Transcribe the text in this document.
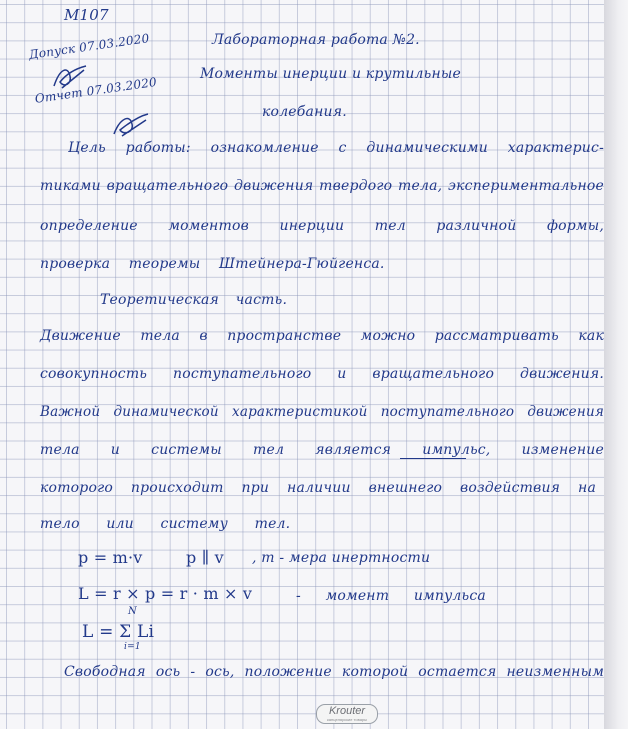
M107
Лабораторная работа №2.
Моменты инерции и крутильные
колебания.
Допуск 07.03.2020
Отчет 07.03.2020
Цель работы: ознакомление с динамическими характерис-
тиками вращательного движения твердого тела, экспериментальное
определение моментов инерции тел различной формы,
проверка теоремы Штейнера-Гюйгенса.
Теоретическая часть.
Движение тела в пространстве можно рассматривать как
совокупность поступательного и вращательного движения.
Важной динамической характеристикой поступательного движения
тела и системы тел является импульс, изменение
которого происходит при наличии внешнего воздействия на
тело или систему тел.
p = m·v	p ∥ v , m - мера инертности
L = r × p = r · m × v	- момент импульса
L = Σ Li
N
i=1
Свободная ось - ось, положение которой остается неизменным
Krouter
канцелярские товары
